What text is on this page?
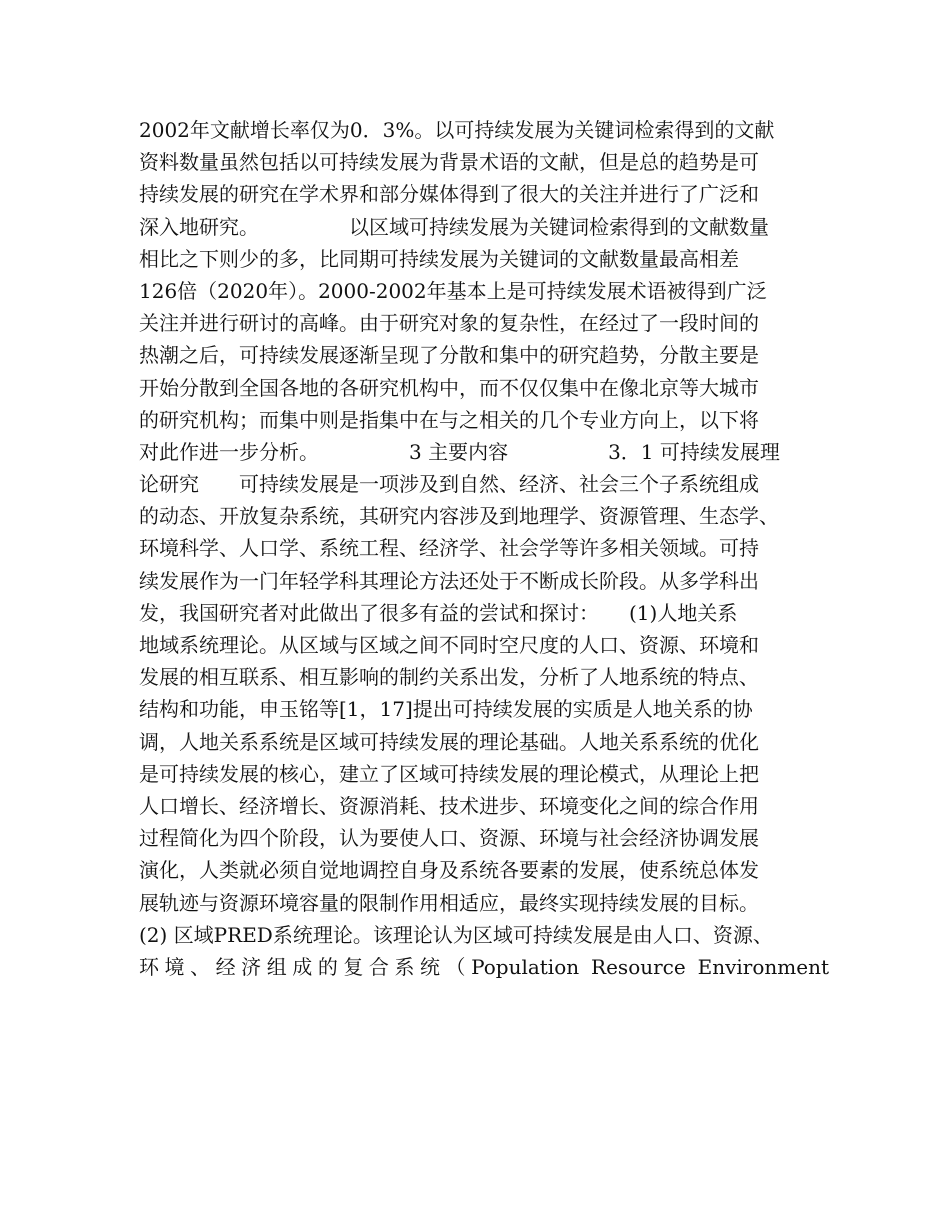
2002年文献增长率仅为0．3%。以可持续发展为关键词检索得到的文献
资料数量虽然包括以可持续发展为背景术语的文献，但是总的趋势是可
持续发展的研究在学术界和部分媒体得到了很大的关注并进行了广泛和
深入地研究。　　　　　以区域可持续发展为关键词检索得到的文献数量
相比之下则少的多，比同期可持续发展为关键词的文献数量最高相差
126倍（2020年）。2000-2002年基本上是可持续发展术语被得到广泛
关注并进行研讨的高峰。由于研究对象的复杂性，在经过了一段时间的
热潮之后，可持续发展逐渐呈现了分散和集中的研究趋势，分散主要是
开始分散到全国各地的各研究机构中，而不仅仅集中在像北京等大城市
的研究机构；而集中则是指集中在与之相关的几个专业方向上，以下将
对此作进一步分析。　　　　　3 主要内容　　　　　3．1 可持续发展理
论研究　　可持续发展是一项涉及到自然、经济、社会三个子系统组成
的动态、开放复杂系统，其研究内容涉及到地理学、资源管理、生态学、
环境科学、人口学、系统工程、经济学、社会学等许多相关领域。可持
续发展作为一门年轻学科其理论方法还处于不断成长阶段。从多学科出
发，我国研究者对此做出了很多有益的尝试和探讨：　　(1)人地关系
地域系统理论。从区域与区域之间不同时空尺度的人口、资源、环境和
发展的相互联系、相互影响的制约关系出发，分析了人地系统的特点、
结构和功能，申玉铭等[1，17]提出可持续发展的实质是人地关系的协
调，人地关系系统是区域可持续发展的理论基础。人地关系系统的优化
是可持续发展的核心，建立了区域可持续发展的理论模式，从理论上把
人口增长、经济增长、资源消耗、技术进步、环境变化之间的综合作用
过程简化为四个阶段，认为要使人口、资源、环境与社会经济协调发展
演化，人类就必须自觉地调控自身及系统各要素的发展，使系统总体发
展轨迹与资源环境容量的限制作用相适应，最终实现持续发展的目标。
(2) 区域PRED系统理论。该理论认为区域可持续发展是由人口、资源、
环境、经济组成的复合系统（Population Resource Environment
